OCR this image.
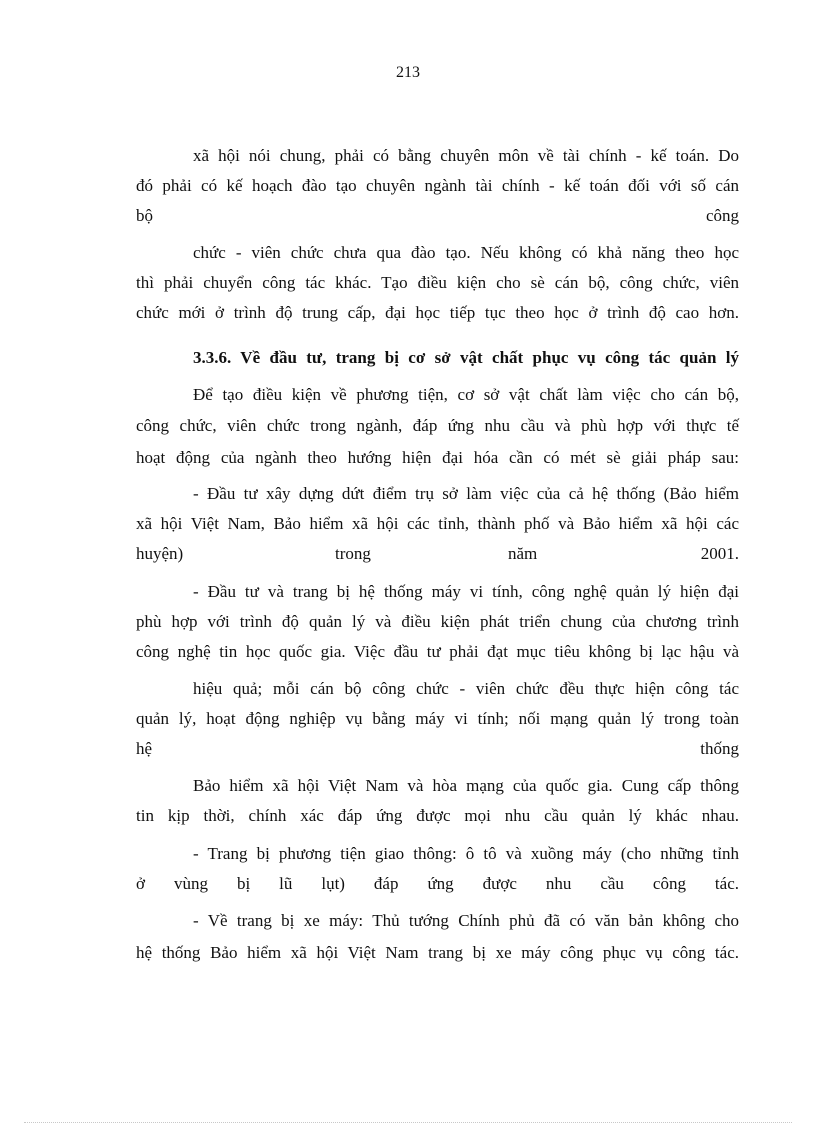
213
xã hội nói chung, phải có bằng chuyên môn về tài chính - kế toán. Do
đó phải có kế hoạch đào tạo chuyên ngành tài chính - kế toán đối với số cán
bộ	công
chức - viên chức chưa qua đào tạo. Nếu không có khả năng theo học
thì phải chuyển công tác khác. Tạo điều kiện cho sè cán bộ, công chức, viên
chức mới ở trình độ trung cấp, đại học tiếp tục theo học ở trình độ cao hơn.
3.3.6. Về đầu tư, trang bị cơ sở vật chất phục vụ công tác quản lý
Để tạo điều kiện về phương tiện, cơ sở vật chất làm việc cho cán bộ,
công chức, viên chức trong ngành, đáp ứng nhu cầu và phù hợp với thực tế
hoạt động của ngành theo hướng hiện đại hóa cần có mét sè giải pháp sau:
- Đầu tư xây dựng dứt điểm trụ sở làm việc của cả hệ thống (Bảo hiểm
xã hội Việt Nam, Bảo hiểm xã hội các tỉnh, thành phố và Bảo hiểm xã hội các
huyện)	trong	năm	2001.
- Đầu tư và trang bị hệ thống máy vi tính, công nghệ quản lý hiện đại
phù hợp với trình độ quản lý và điều kiện phát triển chung của chương trình
công nghệ tin học quốc gia. Việc đầu tư phải đạt mục tiêu không bị lạc hậu và
hiệu quả; mỗi cán bộ công chức - viên chức đều thực hiện công tác
quản lý, hoạt động nghiệp vụ bằng máy vi tính; nối mạng quản lý trong toàn
hệ	thống
Bảo hiểm xã hội Việt Nam và hòa mạng của quốc gia. Cung cấp thông
tin kịp thời, chính xác đáp ứng được mọi nhu cầu quản lý khác nhau.
- Trang bị phương tiện giao thông: ô tô và xuồng máy (cho những tỉnh
ở vùng bị lũ lụt) đáp ứng được nhu cầu công tác.
- Về trang bị xe máy: Thủ tướng Chính phủ đã có văn bản không cho
hệ thống Bảo hiểm xã hội Việt Nam trang bị xe máy công phục vụ công tác.
